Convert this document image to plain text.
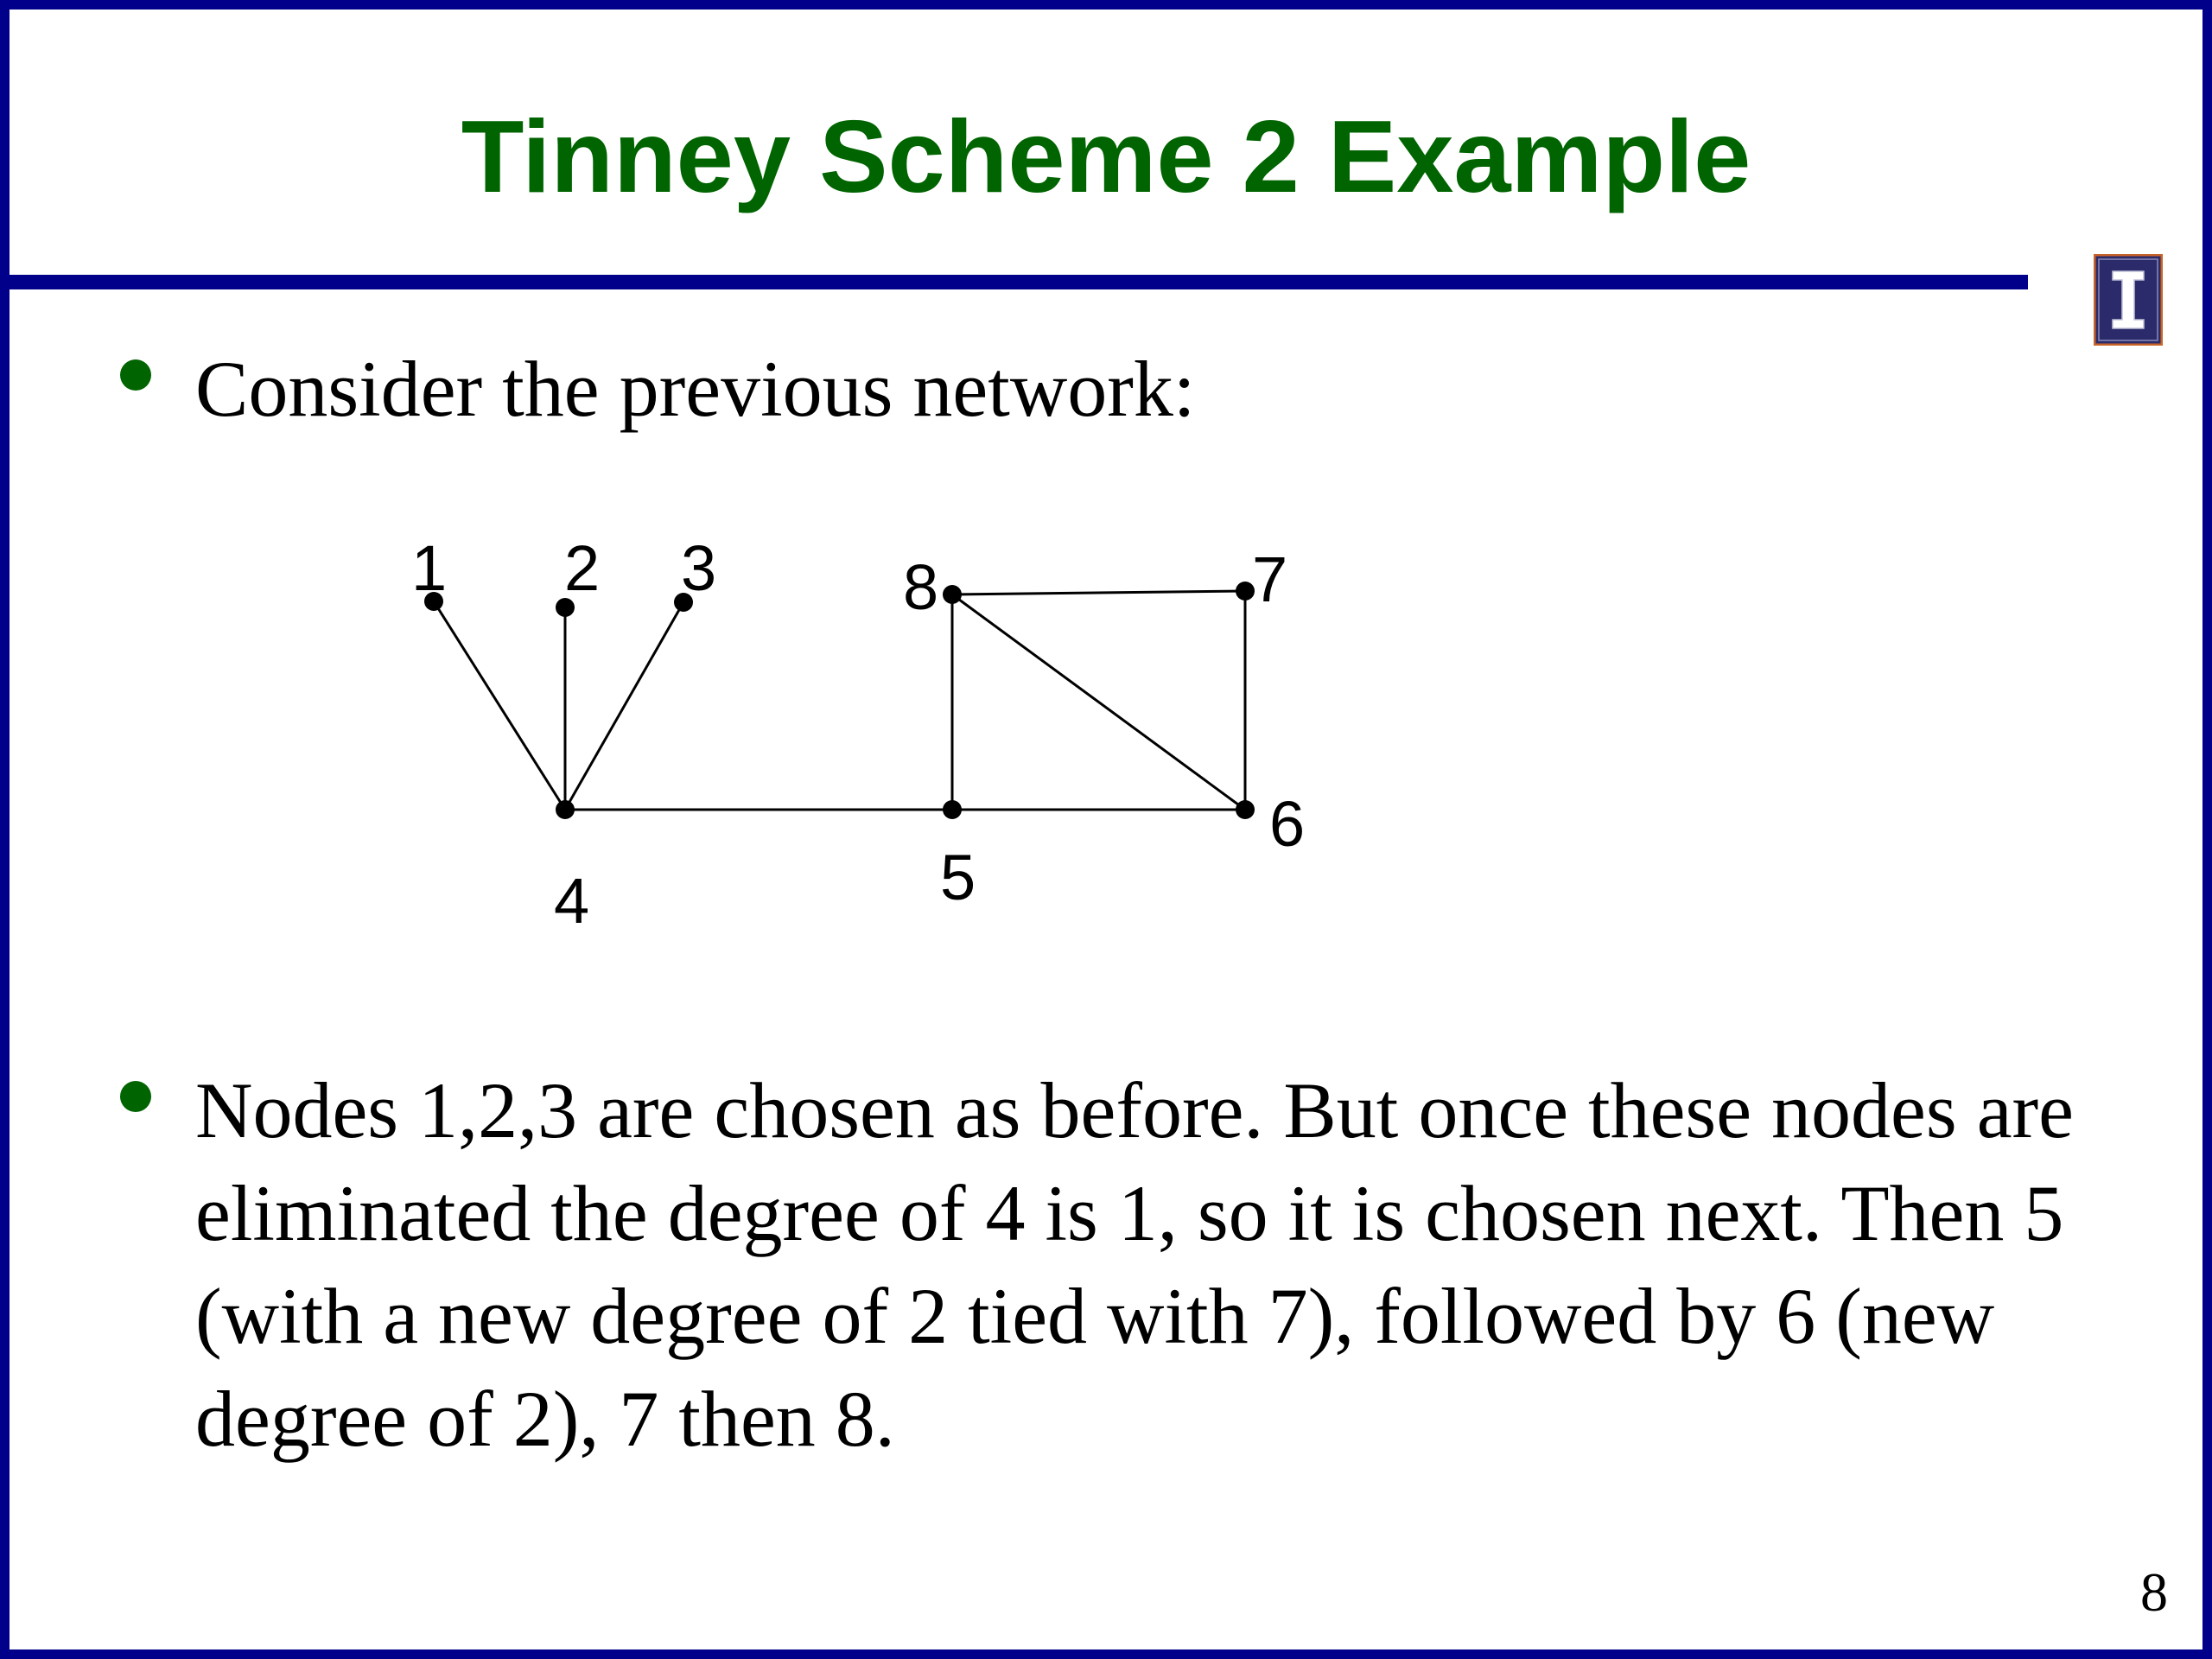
Tinney Scheme 2 Example
Consider the previous network:
1 2 3
4	5
6
7
8
Nodes 1,2,3 are chosen as before. But once these nodes are eliminated the degree of 4 is 1, so it is chosen next. Then 5 (with a new degree of 2 tied with 7), followed by 6 (new degree of 2), 7 then 8.
8
